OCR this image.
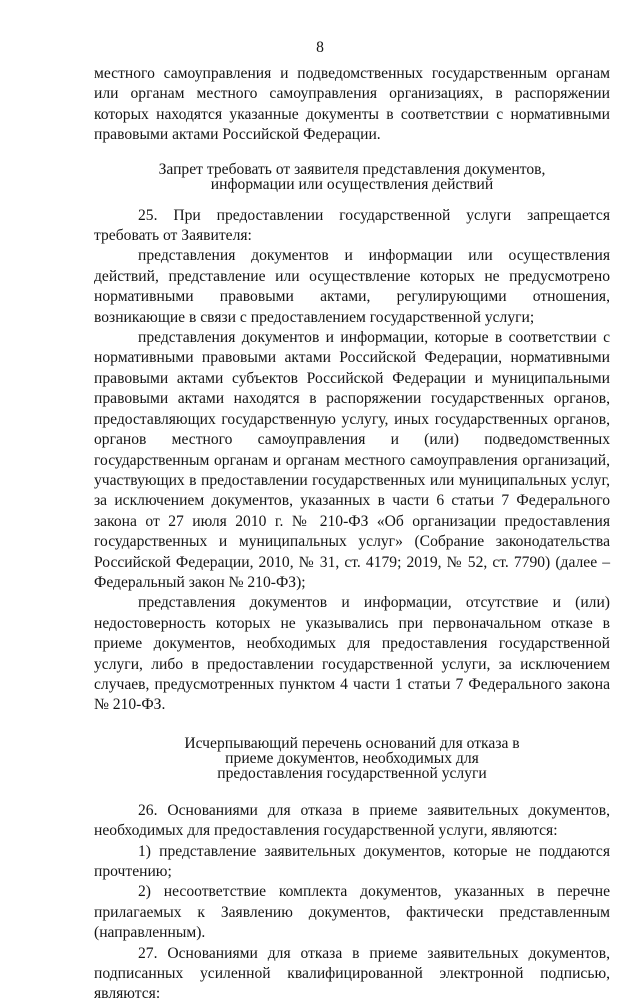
8

местного самоуправления и подведомственных государственным органам или органам местного самоуправления организациях, в распоряжении которых находятся указанные документы в соответствии с нормативными правовыми актами Российской Федерации.

Запрет требовать от заявителя представления документов, информации или осуществления действий

25. При предоставлении государственной услуги запрещается требовать от Заявителя:

представления документов и информации или осуществления действий, представление или осуществление которых не предусмотрено нормативными правовыми актами, регулирующими отношения, возникающие в связи с предоставлением государственной услуги;

представления документов и информации, которые в соответствии с нормативными правовыми актами Российской Федерации, нормативными правовыми актами субъектов Российской Федерации и муниципальными правовыми актами находятся в распоряжении государственных органов, предоставляющих государственную услугу, иных государственных органов, органов местного самоуправления и (или) подведомственных государственным органам и органам местного самоуправления организаций, участвующих в предоставлении государственных или муниципальных услуг, за исключением документов, указанных в части 6 статьи 7 Федерального закона от 27 июля 2010 г. № 210-ФЗ «Об организации предоставления государственных и муниципальных услуг» (Собрание законодательства Российской Федерации, 2010, № 31, ст. 4179; 2019, № 52, ст. 7790) (далее – Федеральный закон № 210-ФЗ);

представления документов и информации, отсутствие и (или) недостоверность которых не указывались при первоначальном отказе в приеме документов, необходимых для предоставления государственной услуги, либо в предоставлении государственной услуги, за исключением случаев, предусмотренных пунктом 4 части 1 статьи 7 Федерального закона № 210-ФЗ.

Исчерпывающий перечень оснований для отказа в приеме документов, необходимых для предоставления государственной услуги

26. Основаниями для отказа в приеме заявительных документов, необходимых для предоставления государственной услуги, являются:

1) представление заявительных документов, которые не поддаются прочтению;

2) несоответствие комплекта документов, указанных в перечне прилагаемых к Заявлению документов, фактически представленным (направленным).

27. Основаниями для отказа в приеме заявительных документов, подписанных усиленной квалифицированной электронной подписью, являются:
